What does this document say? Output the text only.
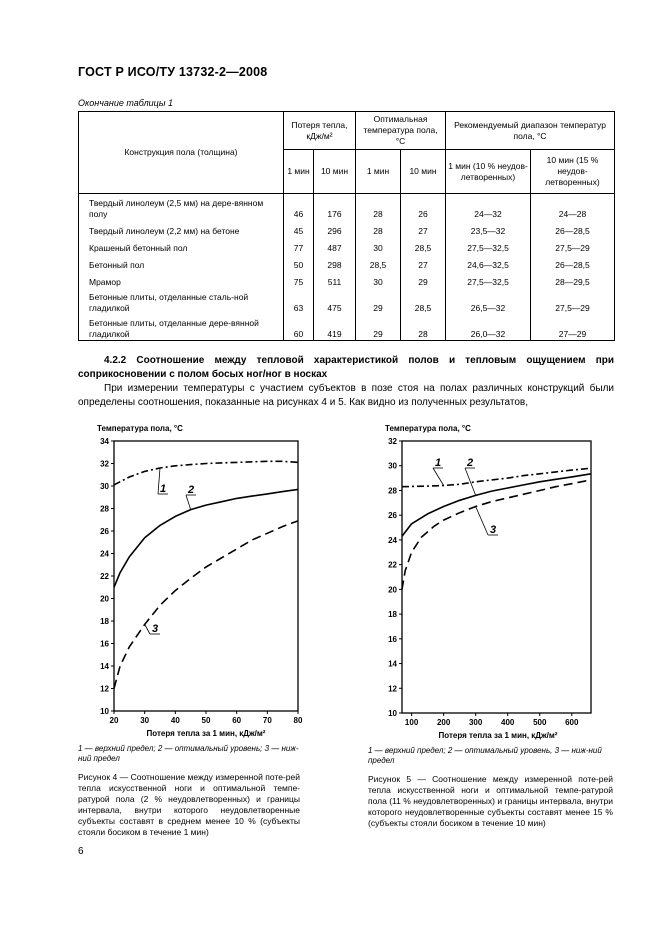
ГОСТ Р ИСО/ТУ 13732-2—2008
Окончание таблицы 1
Конструкция пола (толщина)	Потеря тепла, кДж/м²		Оптимальная температура пола, °С		Рекомендуемый диапазон температур пола, °С	
	1 мин	10 мин	1 мин	10 мин	1 мин (10 % неудов-летворенных)	10 мин (15 % неудов-летворенных)
Твердый линолеум (2,5 мм) на дере-вянном полу	46	176	28	26	24—32	24—28
Твердый линолеум (2,2 мм) на бетоне	45	296	28	27	23,5—32	26—28,5
Крашеный бетонный пол	77	487	30	28,5	27,5—32,5	27,5—29
Бетонный пол	50	298	28,5	27	24,6—32,5	26—28,5
Мрамор	75	511	30	29	27,5—32,5	28—29,5
Бетонные плиты, отделанные сталь-ной гладилкой	63	475	29	28,5	26,5—32	27,5—29
Бетонные плиты, отделанные дере-вянной гладилкой	60	419	29	28	26,0—32	27—29
4.2.2 Соотношение между тепловой характеристикой полов и тепловым ощущением при соприкосновении с полом босых ног/ног в носках
При измерении температуры с участием субъектов в позе стоя на полах различных конструкций были определены соотношения, показанные на рисунках 4 и 5. Как видно из полученных результатов,
10
12
14
16
18
20
22
24
26
28
30
32
34
20	30	40	50	60	70	80
Температура пола, °С
Потеря тепла за 1 мин, кДж/м²
1 2
3
10
12
14
16
18
20
22
24
26
28
30
32
100 200 300 400 500 600
Температура пола, °С
Потеря тепла за 1 мин, кДж/м²
1 2
3
1 — верхний предел; 2 — оптимальный уровень; 3 — ниж-ний предел
Рисунок 4 — Соотношение между измеренной поте-рей тепла искусственной ноги и оптимальной темпе-ратурой пола (2 % неудовлетворенных) и границы интервала, внутри которого неудовлетворенные субъекты составят в среднем менее 10 % (субъекты стояли босиком в течение 1 мин)
1 — верхний предел; 2 — оптимальный уровень, 3 — ниж-ний предел
Рисунок 5 — Соотношение между измеренной поте-рей тепла искусственной ноги и оптимальной темпе-ратурой пола (11 % неудовлетворенных) и границы интервала, внутри которого неудовлетворенные субъекты составят менее 15 % (субъекты стояли босиком в течение 10 мин)
6
